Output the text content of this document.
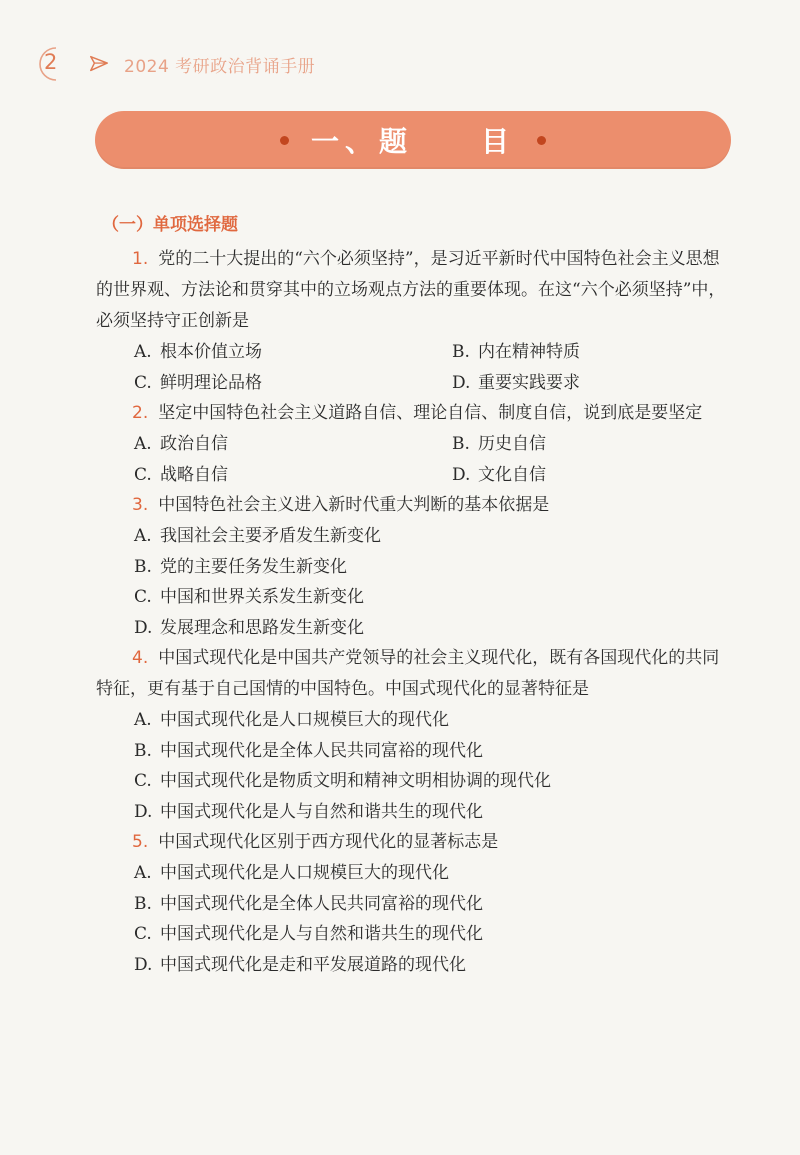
2	2024 考研政治背诵手册
一、题　　目
（一）单项选择题
1. 党的二十大提出的“六个必须坚持”，是习近平新时代中国特色社会主义思想的世界观、方法论和贯穿其中的立场观点方法的重要体现。在这“六个必须坚持”中，必须坚持守正创新是
A. 根本价值立场	B. 内在精神特质
C. 鲜明理论品格	D. 重要实践要求
2. 坚定中国特色社会主义道路自信、理论自信、制度自信，说到底是要坚定
A. 政治自信	B. 历史自信
C. 战略自信	D. 文化自信
3. 中国特色社会主义进入新时代重大判断的基本依据是
A. 我国社会主要矛盾发生新变化
B. 党的主要任务发生新变化
C. 中国和世界关系发生新变化
D. 发展理念和思路发生新变化
4. 中国式现代化是中国共产党领导的社会主义现代化，既有各国现代化的共同特征，更有基于自己国情的中国特色。中国式现代化的显著特征是
A. 中国式现代化是人口规模巨大的现代化
B. 中国式现代化是全体人民共同富裕的现代化
C. 中国式现代化是物质文明和精神文明相协调的现代化
D. 中国式现代化是人与自然和谐共生的现代化
5. 中国式现代化区别于西方现代化的显著标志是
A. 中国式现代化是人口规模巨大的现代化
B. 中国式现代化是全体人民共同富裕的现代化
C. 中国式现代化是人与自然和谐共生的现代化
D. 中国式现代化是走和平发展道路的现代化
